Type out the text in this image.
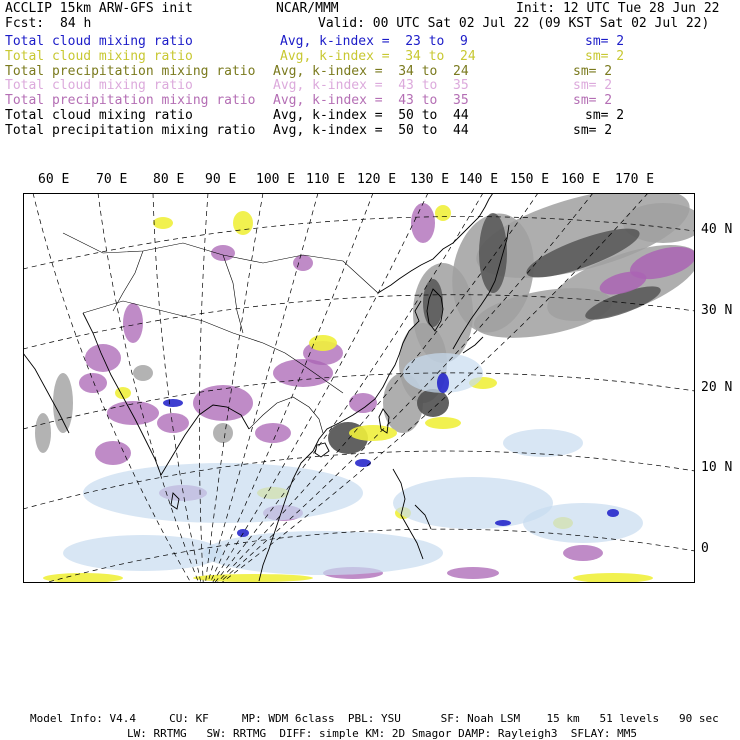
ACCLIP 15km ARW-GFS init	NCAR/MMM	Init: 12 UTC Tue 28 Jun 22
Fcst: 84 h	Valid: 00 UTC Sat 02 Jul 22 (09 KST Sat 02 Jul 22)
Total cloud mixing ratio	Avg, k-index =  23 to  9	sm= 2
Total cloud mixing ratio	Avg, k-index =  34 to  24	sm= 2
Total precipitation mixing ratio Avg, k-index =  34 to  24	sm= 2
Total cloud mixing ratio	Avg, k-index =  43 to  35	sm= 2
Total precipitation mixing ratio Avg, k-index =  43 to  35	sm= 2
Total cloud mixing ratio	Avg, k-index =  50 to  44	sm= 2
Total precipitation mixing ratio Avg, k-index =  50 to  44	sm= 2
60 E 70 E 80 E 90 E 100 E 110 E 120 E 130 E 140 E 150 E 160 E 170 E
40 N
30 N
20 N
10 N
0
Model Info: V4.4     CU: KF     MP: WDM 6class  PBL: YSU      SF: Noah LSM    15 km   51 levels   90 sec
LW: RRTMG   SW: RRTMG  DIFF: simple KM: 2D Smagor DAMP: Rayleigh3  SFLAY: MM5
